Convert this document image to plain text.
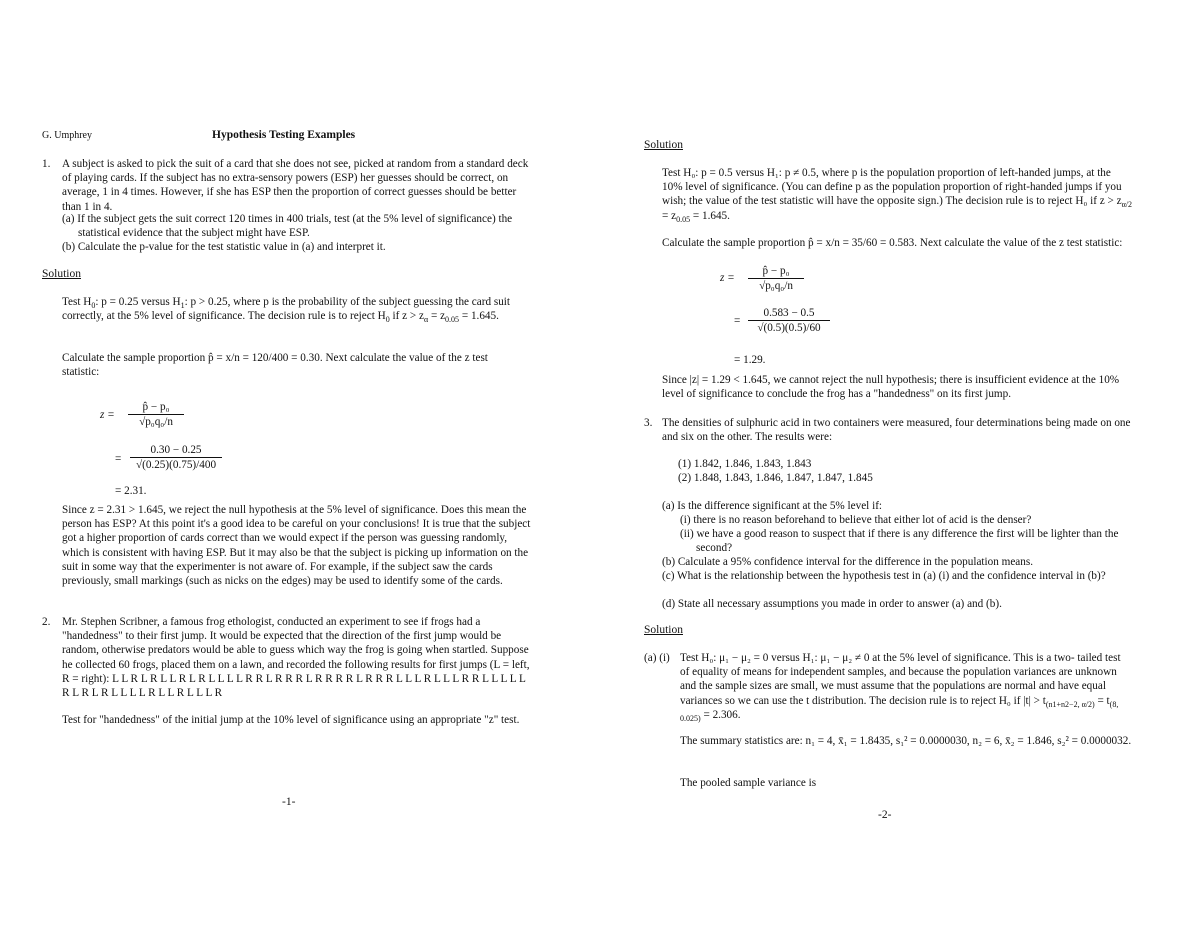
G. Umphrey	Hypothesis Testing Examples
1. A subject is asked to pick the suit of a card that she does not see, picked at random from a standard deck of playing cards. If the subject has no extra-sensory powers (ESP) her guesses should be correct, on average, 1 in 4 times. However, if she has ESP then the proportion of correct guesses should be better than 1 in 4.
(a) If the subject gets the suit correct 120 times in 400 trials, test (at the 5% level of significance) the statistical evidence that the subject might have ESP.
(b) Calculate the p-value for the test statistic value in (a) and interpret it.
Solution
Test $H_0$: p = 0.25 versus $H_1$: p > 0.25, where p is the probability of the subject guessing the card suit correctly, at the 5% level of significance. The decision rule is to reject $H_0$ if $z > z_\alpha = z_{0.05} = 1.645$.
Calculate the sample proportion p̂ = x/n = 120/400 = 0.30. Next calculate the value of the z test statistic:
$z = \frac{\text{p̂ − p₀}}{\text{√p₀q₀/n}}$
= $\frac{0.30 - 0.25}{√(0.25)(0.75)/400}$
= 2.31.
Since z = 2.31 > 1.645, we reject the null hypothesis at the 5% level of significance. Does this mean the person has ESP? At this point it's a good idea to be careful on your conclusions! It is true that the subject got a higher proportion of cards correct than we would expect if the person was guessing randomly, which is consistent with having ESP. But it may also be that the subject is picking up information on the suit in some way that the experimenter is not aware of. For example, if the subject saw the cards previously, small markings (such as nicks on the edges) may be used to identify some of the cards.
2. Mr. Stephen Scribner, a famous frog ethologist, conducted an experiment to see if frogs had a "handedness" to their first jump. It would be expected that the direction of the first jump would be random, otherwise predators would be able to guess which way the frog is going when startled. Suppose he collected 60 frogs, placed them on a lawn, and recorded the following results for first jumps (L = left, R = right): L L R L R L L R L R L L L L R R L R R R L R R R R L R R R L L L R L L L R R L L L L L R L R L R L L L L R L L R L L L R
Test for "handedness" of the initial jump at the 10% level of significance using an appropriate "z" test.
-1-
Solution
Test H₀: p = 0.5 versus H₁: p ≠ 0.5, where p is the population proportion of left-handed jumps, at the 10% level of significance. (You can define p as the population proportion of right-handed jumps if you wish; the value of the test statistic will have the opposite sign.) The decision rule is to reject H₀ if $z > z_{\alpha/2} = z_{0.05} = 1.645$.
Calculate the sample proportion p̂ = x/n = 35/60 = 0.583. Next calculate the value of the z test statistic:
$z = \frac{\text{p̂ − p₀}}{\text{√p₀q₀/n}}$
= $\frac{0.583 - 0.5}{√(0.5)(0.5)/60}$
= 1.29.
Since |z| = 1.29 < 1.645, we cannot reject the null hypothesis; there is insufficient evidence at the 10% level of significance to conclude the frog has a "handedness" on its first jump.
3. The densities of sulphuric acid in two containers were measured, four determinations being made on one and six on the other. The results were:
(1) 1.842, 1.846, 1.843, 1.843
(2) 1.848, 1.843, 1.846, 1.847, 1.847, 1.845
(a) Is the difference significant at the 5% level if:
(i) there is no reason beforehand to believe that either lot of acid is the denser?
(ii) we have a good reason to suspect that if there is any difference the first will be lighter than the second?
(b) Calculate a 95% confidence interval for the difference in the population means.
(c) What is the relationship between the hypothesis test in (a) (i) and the confidence interval in (b)?
(d) State all necessary assumptions you made in order to answer (a) and (b).
Solution
(a) (i) Test H₀: μ₁ − μ₂ = 0 versus H₁: μ₁ − μ₂ ≠ 0 at the 5% level of significance. This is a two- tailed test of equality of means for independent samples, and because the population variances are unknown and the sample sizes are small, we must assume that the populations are normal and have equal variances so we can use the t distribution. The decision rule is to reject H₀ if $|t| > t_{(n1+n2-2, \alpha/2)} = t_{(8, 0.025)} = 2.306$.
The summary statistics are: n₁ = 4, x̄₁ = 1.8435, s₁² = 0.0000030, n₂ = 6, x̄₂ = 1.846, s₂² = 0.0000032.
The pooled sample variance is
-2-
